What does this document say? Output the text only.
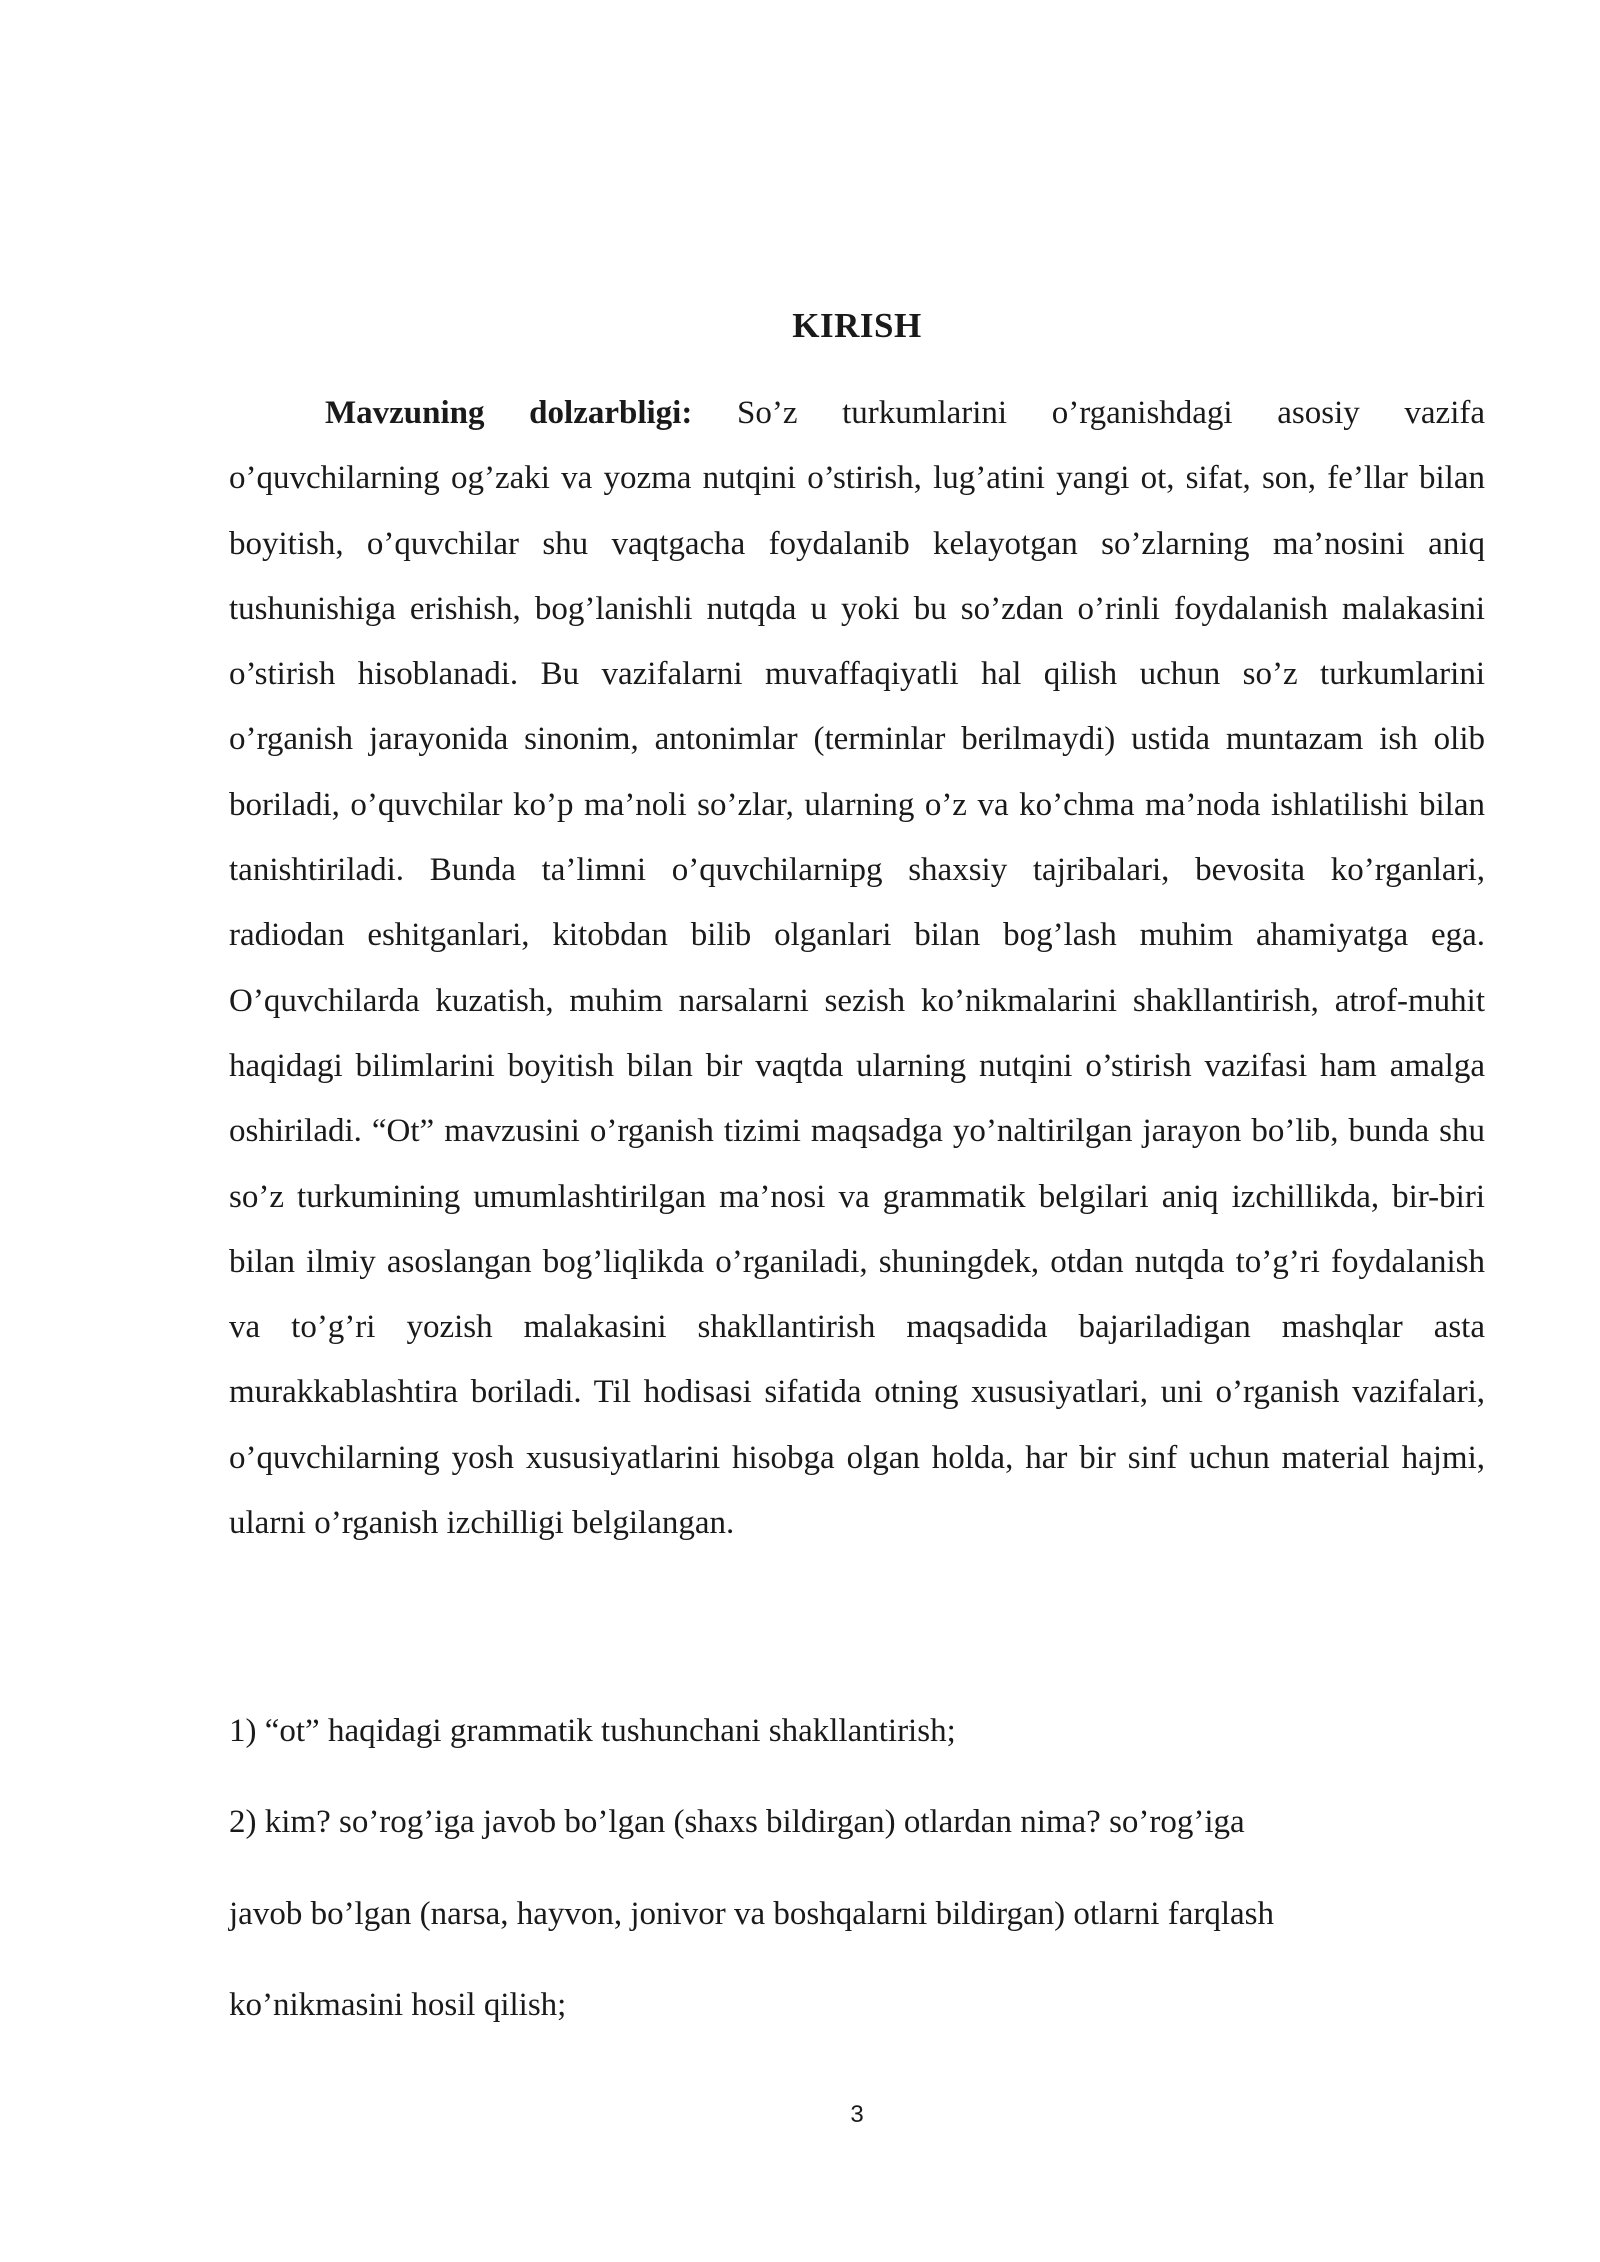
KIRISH

Mavzuning dolzarbligi: So’z turkumlarini o’rganishdagi asosiy vazifa o’quvchilarning og’zaki va yozma nutqini o’stirish, lug’atini yangi ot, sifat, son, fe’llar bilan boyitish, o’quvchilar shu vaqtgacha foydalanib kelayotgan so’zlarning ma’nosini aniq tushunishiga erishish, bog’lanishli nutqda u yoki bu so’zdan o’rinli foydalanish malakasini o’stirish hisoblanadi. Bu vazifalarni muvaffaqiyatli hal qilish uchun so’z turkumlarini o’rganish jarayonida sinonim, antonimlar (terminlar berilmaydi) ustida muntazam ish olib boriladi, o’quvchilar ko’p ma’noli so’zlar, ularning o’z va ko’chma ma’noda ishlatilishi bilan tanishtiriladi. Bunda ta’limni o’quvchilarnipg shaxsiy tajribalari, bevosita ko’rganlari, radiodan eshitganlari, kitobdan bilib olganlari bilan bog’lash muhim ahamiyatga ega. O’quvchilarda kuzatish, muhim narsalarni sezish ko’nikmalarini shakllantirish, atrof-muhit haqidagi bilimlarini boyitish bilan bir vaqtda ularning nutqini o’stirish vazifasi ham amalga oshiriladi. “Ot” mavzusini o’rganish tizimi maqsadga yo’naltirilgan jarayon bo’lib, bunda shu so’z turkumining umumlashtirilgan ma’nosi va grammatik belgilari aniq izchillikda, bir-biri bilan ilmiy asoslangan bog’liqlikda o’rganiladi, shuningdek, otdan nutqda to’g’ri foydalanish va to’g’ri yozish malakasini shakllantirish maqsadida bajariladigan mashqlar asta murakkablashtira boriladi. Til hodisasi sifatida otning xususiyatlari, uni o’rganish vazifalari, o’quvchilarning yosh xususiyatlarini hisobga olgan holda, har bir sinf uchun material hajmi, ularni o’rganish izchilligi belgilangan.

1) “ot” haqidagi grammatik tushunchani shakllantirish;

2) kim? so’rog’iga javob bo’lgan (shaxs bildirgan) otlardan nima? so’rog’iga

javob bo’lgan (narsa, hayvon, jonivor va boshqalarni bildirgan) otlarni farqlash

ko’nikmasini hosil qilish;

3
